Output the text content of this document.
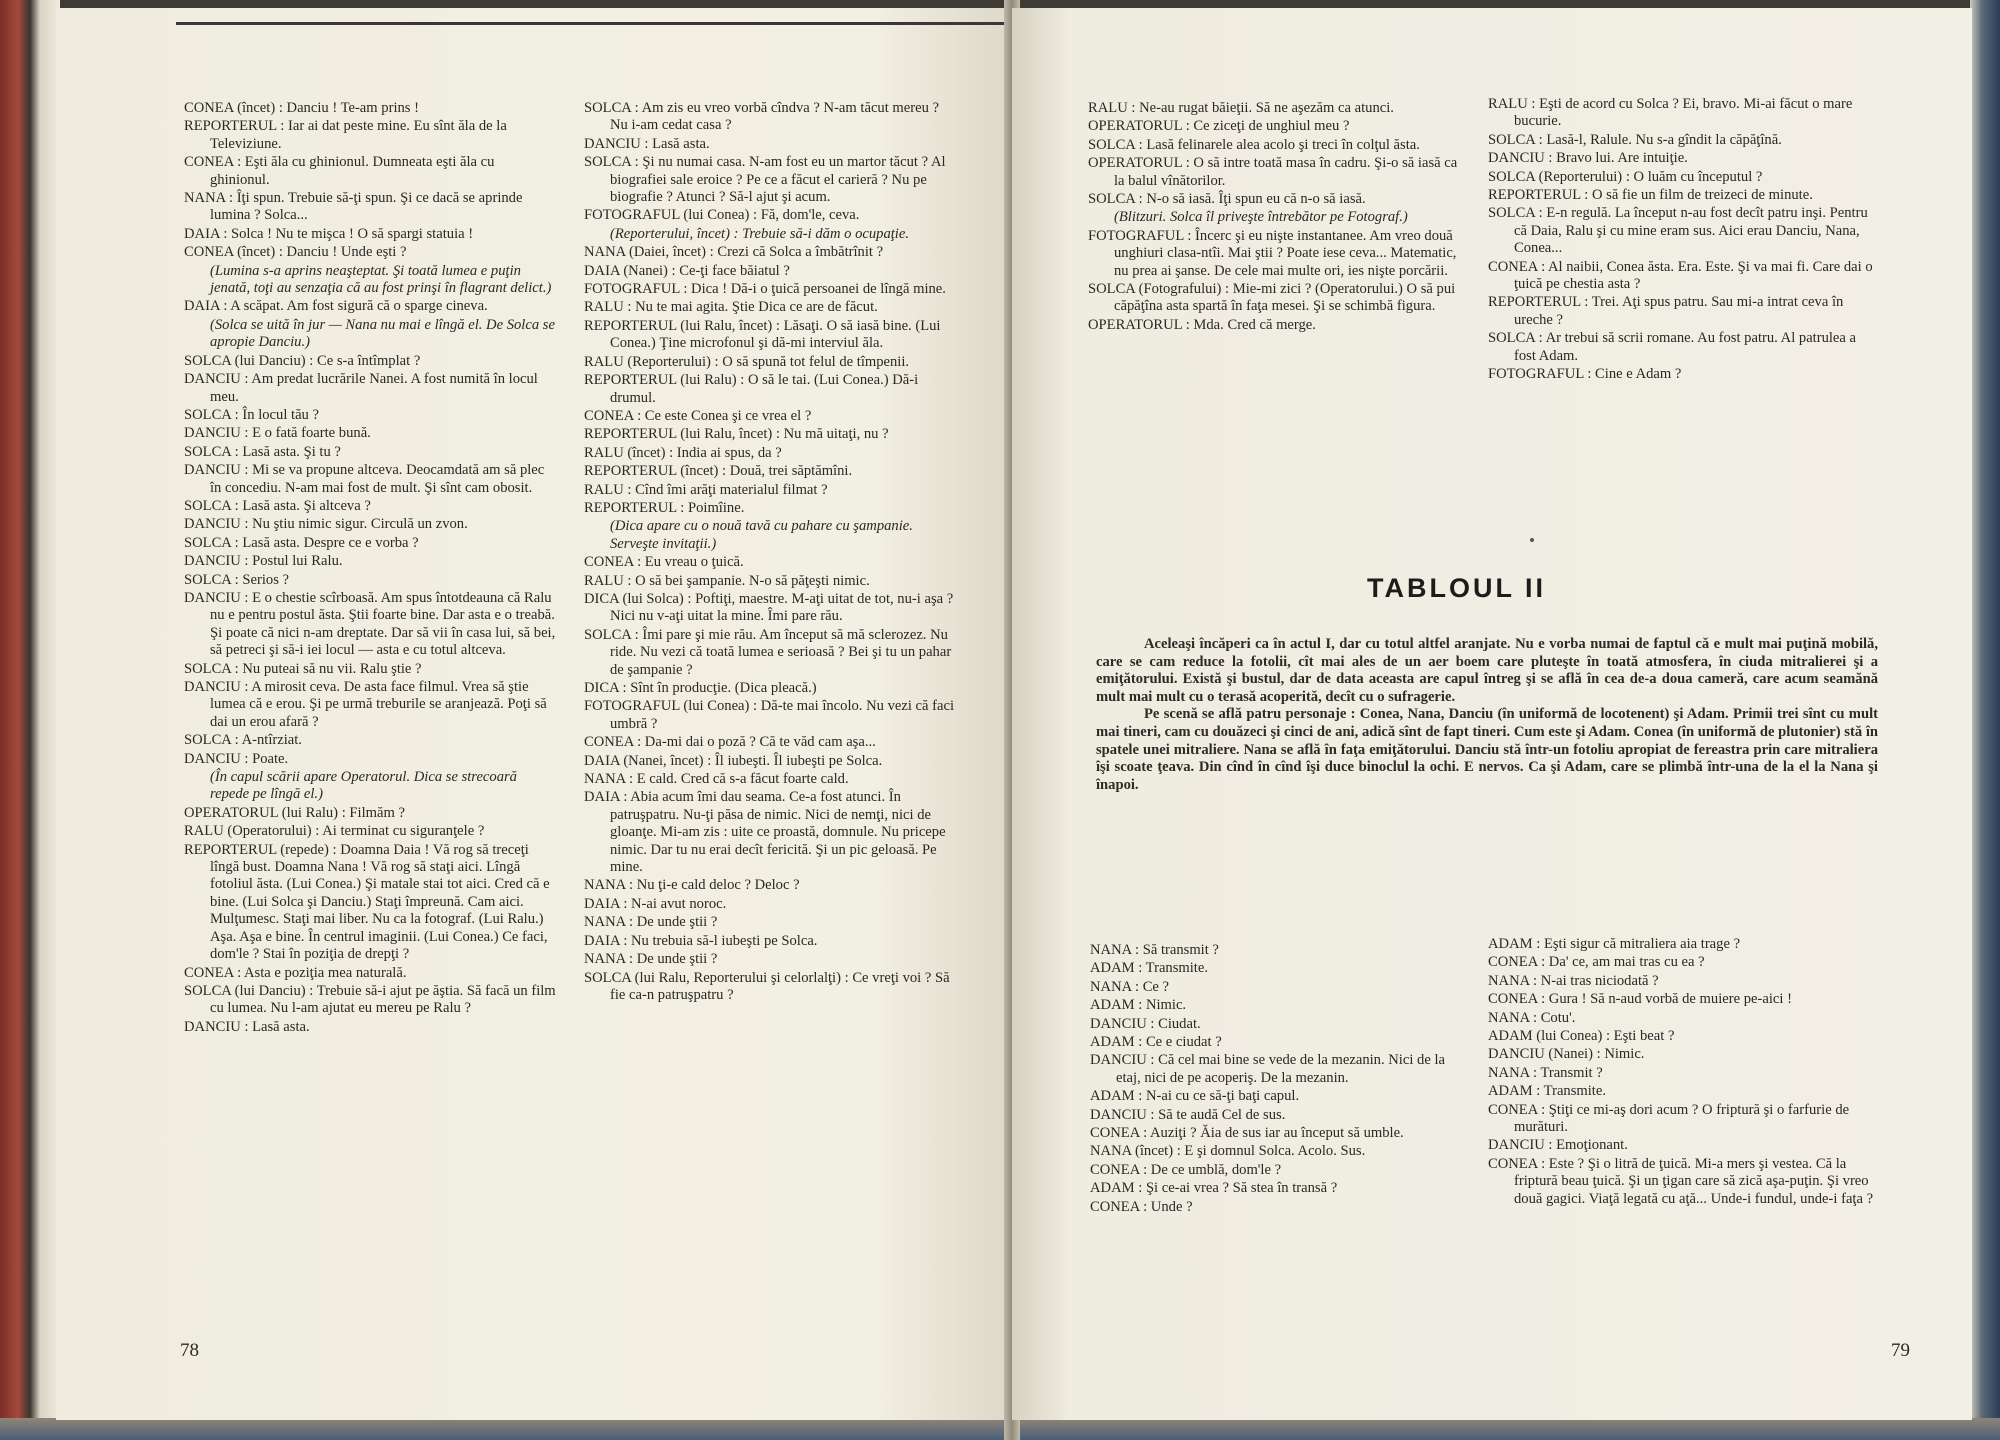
CONEA (încet) : Danciu ! Te-am prins !

REPORTERUL : Iar ai dat peste mine. Eu sînt ăla de la Televiziune.

CONEA : Eşti ăla cu ghinionul. Dumneata eşti ăla cu ghinionul.

NANA : Îţi spun. Trebuie să-ţi spun. Şi ce dacă se aprinde lumina ? Solca...

DAIA : Solca ! Nu te mişca ! O să spargi statuia !

CONEA (încet) : Danciu ! Unde eşti ?

(Lumina s-a aprins neaşteptat. Şi toată lumea e puţin jenată, toţi au senzaţia că au fost prinşi în flagrant delict.)

DAIA : A scăpat. Am fost sigură că o sparge cineva.

(Solca se uită în jur — Nana nu mai e lîngă el. De Solca se apropie Danciu.)

SOLCA (lui Danciu) : Ce s-a întîmplat ?

DANCIU : Am predat lucrările Nanei. A fost numită în locul meu.

SOLCA : În locul tău ?

DANCIU : E o fată foarte bună.

SOLCA : Lasă asta. Şi tu ?

DANCIU : Mi se va propune altceva. Deocamdată am să plec în concediu. N-am mai fost de mult. Şi sînt cam obosit.

SOLCA : Lasă asta. Şi altceva ?

DANCIU : Nu ştiu nimic sigur. Circulă un zvon.

SOLCA : Lasă asta. Despre ce e vorba ?

DANCIU : Postul lui Ralu.

SOLCA : Serios ?

DANCIU : E o chestie scîrboasă. Am spus întotdeauna că Ralu nu e pentru postul ăsta. Ştii foarte bine. Dar asta e o treabă. Şi poate că nici n-am dreptate. Dar să vii în casa lui, să bei, să petreci şi să-i iei locul — asta e cu totul altceva.

SOLCA : Nu puteai să nu vii. Ralu ştie ?

DANCIU : A mirosit ceva. De asta face filmul. Vrea să ştie lumea că e erou. Şi pe urmă treburile se aranjează. Poţi să dai un erou afară ?

SOLCA : A-ntîrziat.

DANCIU : Poate.

(În capul scării apare Operatorul. Dica se strecoară repede pe lîngă el.)

OPERATORUL (lui Ralu) : Filmăm ?

RALU (Operatorului) : Ai terminat cu siguranţele ?

REPORTERUL (repede) : Doamna Daia ! Vă rog să treceţi lîngă bust. Doamna Nana ! Vă rog să staţi aici. Lîngă fotoliul ăsta. (Lui Conea.) Şi matale stai tot aici. Cred că e bine. (Lui Solca şi Danciu.) Staţi împreună. Cam aici. Mulţumesc. Staţi mai liber. Nu ca la fotograf. (Lui Ralu.) Aşa. Aşa e bine. În centrul imaginii. (Lui Conea.) Ce faci, dom'le ? Stai în poziţia de drepţi ?

CONEA : Asta e poziţia mea naturală.

SOLCA (lui Danciu) : Trebuie să-i ajut pe ăştia. Să facă un film cu lumea. Nu l-am ajutat eu mereu pe Ralu ?

DANCIU : Lasă asta.

SOLCA : Am zis eu vreo vorbă cîndva ? N-am tăcut mereu ? Nu i-am cedat casa ?

DANCIU : Lasă asta.

SOLCA : Şi nu numai casa. N-am fost eu un martor tăcut ? Al biografiei sale eroice ? Pe ce a făcut el carieră ? Nu pe biografie ? Atunci ? Să-l ajut şi acum.

FOTOGRAFUL (lui Conea) : Fă, dom'le, ceva.

(Reporterului, încet) : Trebuie să-i dăm o ocupaţie.

NANA (Daiei, încet) : Crezi că Solca a îmbătrînit ?

DAIA (Nanei) : Ce-ţi face băiatul ?

FOTOGRAFUL : Dica ! Dă-i o ţuică persoanei de lîngă mine.

RALU : Nu te mai agita. Ştie Dica ce are de făcut.

REPORTERUL (lui Ralu, încet) : Lăsaţi. O să iasă bine. (Lui Conea.) Ţine microfonul şi dă-mi interviul ăla.

RALU (Reporterului) : O să spună tot felul de tîmpenii.

REPORTERUL (lui Ralu) : O să le tai. (Lui Conea.) Dă-i drumul.

CONEA : Ce este Conea şi ce vrea el ?

REPORTERUL (lui Ralu, încet) : Nu mă uitaţi, nu ?

RALU (încet) : India ai spus, da ?

REPORTERUL (încet) : Două, trei săptămîni.

RALU : Cînd îmi arăţi materialul filmat ?

REPORTERUL : Poimîine.

(Dica apare cu o nouă tavă cu pahare cu şampanie. Serveşte invitaţii.)

CONEA : Eu vreau o ţuică.

RALU : O să bei şampanie. N-o să păţeşti nimic.

DICA (lui Solca) : Poftiţi, maestre. M-aţi uitat de tot, nu-i aşa ? Nici nu v-aţi uitat la mine. Îmi pare rău.

SOLCA : Îmi pare şi mie rău. Am început să mă sclerozez. Nu ride. Nu vezi că toată lumea e serioasă ? Bei şi tu un pahar de şampanie ?

DICA : Sînt în producţie. (Dica pleacă.)

FOTOGRAFUL (lui Conea) : Dă-te mai încolo. Nu vezi că faci umbră ?

CONEA : Da-mi dai o poză ? Că te văd cam aşa...

DAIA (Nanei, încet) : Îl iubeşti. Îl iubeşti pe Solca.

NANA : E cald. Cred că s-a făcut foarte cald.

DAIA : Abia acum îmi dau seama. Ce-a fost atunci. În patruşpatru. Nu-ţi păsa de nimic. Nici de nemţi, nici de gloanţe. Mi-am zis : uite ce proastă, domnule. Nu pricepe nimic. Dar tu nu erai decît fericită. Şi un pic geloasă. Pe mine.

NANA : Nu ţi-e cald deloc ? Deloc ?

DAIA : N-ai avut noroc.

NANA : De unde ştii ?

DAIA : Nu trebuia să-l iubeşti pe Solca.

NANA : De unde ştii ?

SOLCA (lui Ralu, Reporterului şi celorlalţi) : Ce vreţi voi ? Să fie ca-n patruşpatru ?

78

RALU : Ne-au rugat băieţii. Să ne aşezăm ca atunci.

OPERATORUL : Ce ziceţi de unghiul meu ?

SOLCA : Lasă felinarele alea acolo şi treci în colţul ăsta.

OPERATORUL : O să intre toată masa în cadru. Şi-o să iasă ca la balul vînătorilor.

SOLCA : N-o să iasă. Îţi spun eu că n-o să iasă.

(Blitzuri. Solca îl priveşte întrebător pe Fotograf.)

FOTOGRAFUL : Încerc şi eu nişte instantanee. Am vreo două unghiuri clasa-ntîi. Mai ştii ? Poate iese ceva... Matematic, nu prea ai şanse. De cele mai multe ori, ies nişte porcării.

SOLCA (Fotografului) : Mie-mi zici ? (Operatorului.) O să pui căpăţîna asta spartă în faţa mesei. Şi se schimbă figura.

OPERATORUL : Mda. Cred că merge.

RALU : Eşti de acord cu Solca ? Ei, bravo. Mi-ai făcut o mare bucurie.

SOLCA : Lasă-l, Ralule. Nu s-a gîndit la căpăţînă.

DANCIU : Bravo lui. Are intuiţie.

SOLCA (Reporterului) : O luăm cu începutul ?

REPORTERUL : O să fie un film de treizeci de minute.

SOLCA : E-n regulă. La început n-au fost decît patru inşi. Pentru că Daia, Ralu şi cu mine eram sus. Aici erau Danciu, Nana, Conea...

CONEA : Al naibii, Conea ăsta. Era. Este. Şi va mai fi. Care dai o ţuică pe chestia asta ?

REPORTERUL : Trei. Aţi spus patru. Sau mi-a intrat ceva în ureche ?

SOLCA : Ar trebui să scrii romane. Au fost patru. Al patrulea a fost Adam.

FOTOGRAFUL : Cine e Adam ?

TABLOUL II

Aceleaşi încăperi ca în actul I, dar cu totul altfel aranjate. Nu e vorba numai de faptul că e mult mai puţină mobilă, care se cam reduce la fotolii, cît mai ales de un aer boem care pluteşte în toată atmosfera, în ciuda mitralierei şi a emiţătorului. Există şi bustul, dar de data aceasta are capul întreg şi se află în cea de-a doua cameră, care acum seamănă mult mai mult cu o terasă acoperită, decît cu o sufragerie.

Pe scenă se află patru personaje : Conea, Nana, Danciu (în uniformă de locotenent) şi Adam. Primii trei sînt cu mult mai tineri, cam cu douăzeci şi cinci de ani, adică sînt de fapt tineri. Cum este şi Adam. Conea (în uniformă de plutonier) stă în spatele unei mitraliere. Nana se află în faţa emiţătorului. Danciu stă într-un fotoliu apropiat de fereastra prin care mitraliera îşi scoate ţeava. Din cînd în cînd îşi duce binoclul la ochi. E nervos. Ca şi Adam, care se plimbă într-una de la el la Nana şi înapoi.

NANA : Să transmit ?

ADAM : Transmite.

NANA : Ce ?

ADAM : Nimic.

DANCIU : Ciudat.

ADAM : Ce e ciudat ?

DANCIU : Că cel mai bine se vede de la mezanin. Nici de la etaj, nici de pe acoperiş. De la mezanin.

ADAM : N-ai cu ce să-ţi baţi capul.

DANCIU : Să te audă Cel de sus.

CONEA : Auziţi ? Ăia de sus iar au început să umble.

NANA (încet) : E şi domnul Solca. Acolo. Sus.

CONEA : De ce umblă, dom'le ?

ADAM : Şi ce-ai vrea ? Să stea în transă ?

CONEA : Unde ?

ADAM : Eşti sigur că mitraliera aia trage ?

CONEA : Da' ce, am mai tras cu ea ?

NANA : N-ai tras niciodată ?

CONEA : Gura ! Să n-aud vorbă de muiere pe-aici !

NANA : Cotu'.

ADAM (lui Conea) : Eşti beat ?

DANCIU (Nanei) : Nimic.

NANA : Transmit ?

ADAM : Transmite.

CONEA : Ştiţi ce mi-aş dori acum ? O friptură şi o farfurie de murături.

DANCIU : Emoţionant.

CONEA : Este ? Şi o litră de ţuică. Mi-a mers şi vestea. Că la friptură beau ţuică. Şi un ţigan care să zică aşa-puţin. Şi vreo două gagici. Viaţă legată cu aţă... Unde-i fundul, unde-i faţa ?

79
